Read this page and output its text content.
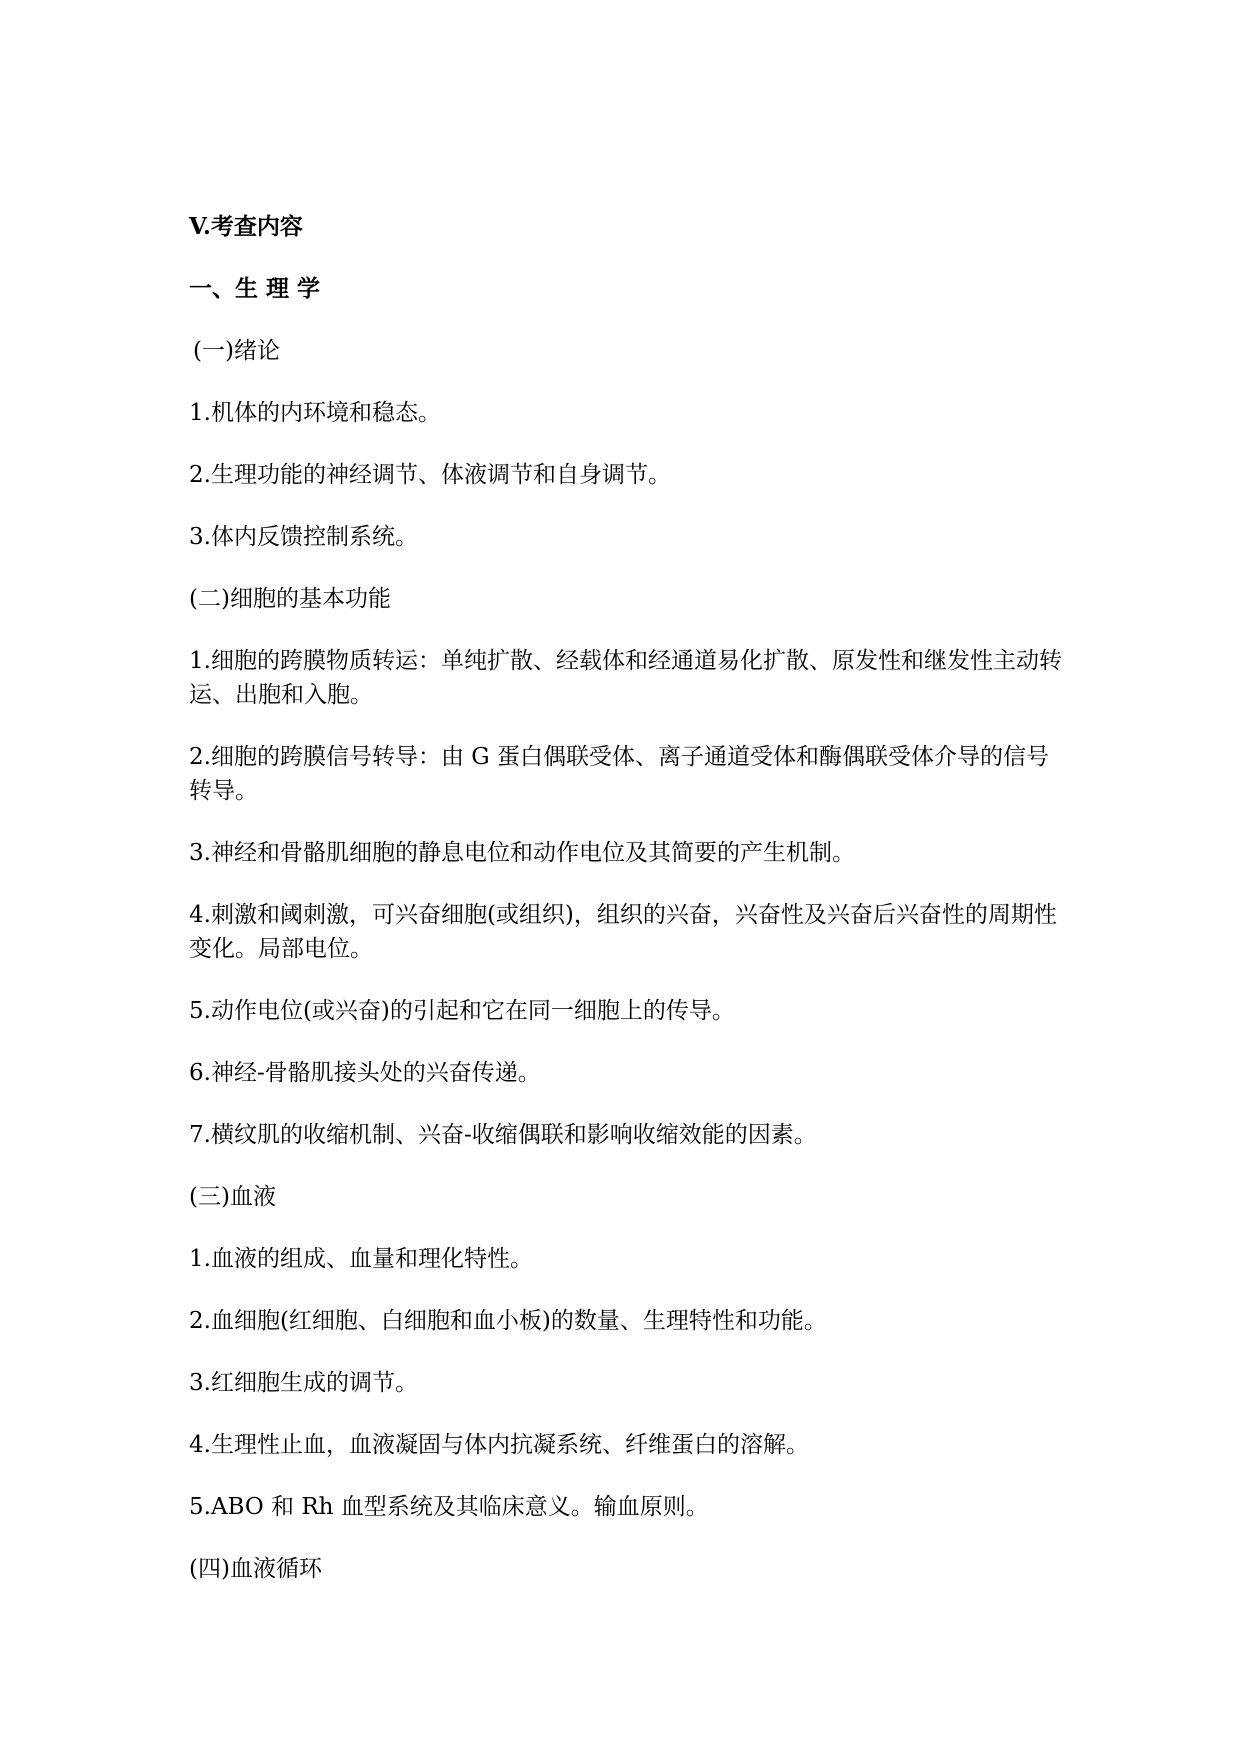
V.考查内容
一、生 理 学
(一)绪论
1.机体的内环境和稳态。
2.生理功能的神经调节、体液调节和自身调节。
3.体内反馈控制系统。
(二)细胞的基本功能
1.细胞的跨膜物质转运：单纯扩散、经载体和经通道易化扩散、原发性和继发性主动转运、出胞和入胞。
2.细胞的跨膜信号转导：由 G 蛋白偶联受体、离子通道受体和酶偶联受体介导的信号转导。
3.神经和骨骼肌细胞的静息电位和动作电位及其简要的产生机制。
4.刺激和阈刺激，可兴奋细胞(或组织)，组织的兴奋，兴奋性及兴奋后兴奋性的周期性变化。局部电位。
5.动作电位(或兴奋)的引起和它在同一细胞上的传导。
6.神经-骨骼肌接头处的兴奋传递。
7.横纹肌的收缩机制、兴奋-收缩偶联和影响收缩效能的因素。
(三)血液
1.血液的组成、血量和理化特性。
2.血细胞(红细胞、白细胞和血小板)的数量、生理特性和功能。
3.红细胞生成的调节。
4.生理性止血，血液凝固与体内抗凝系统、纤维蛋白的溶解。
5.ABO 和 Rh 血型系统及其临床意义。输血原则。
(四)血液循环
